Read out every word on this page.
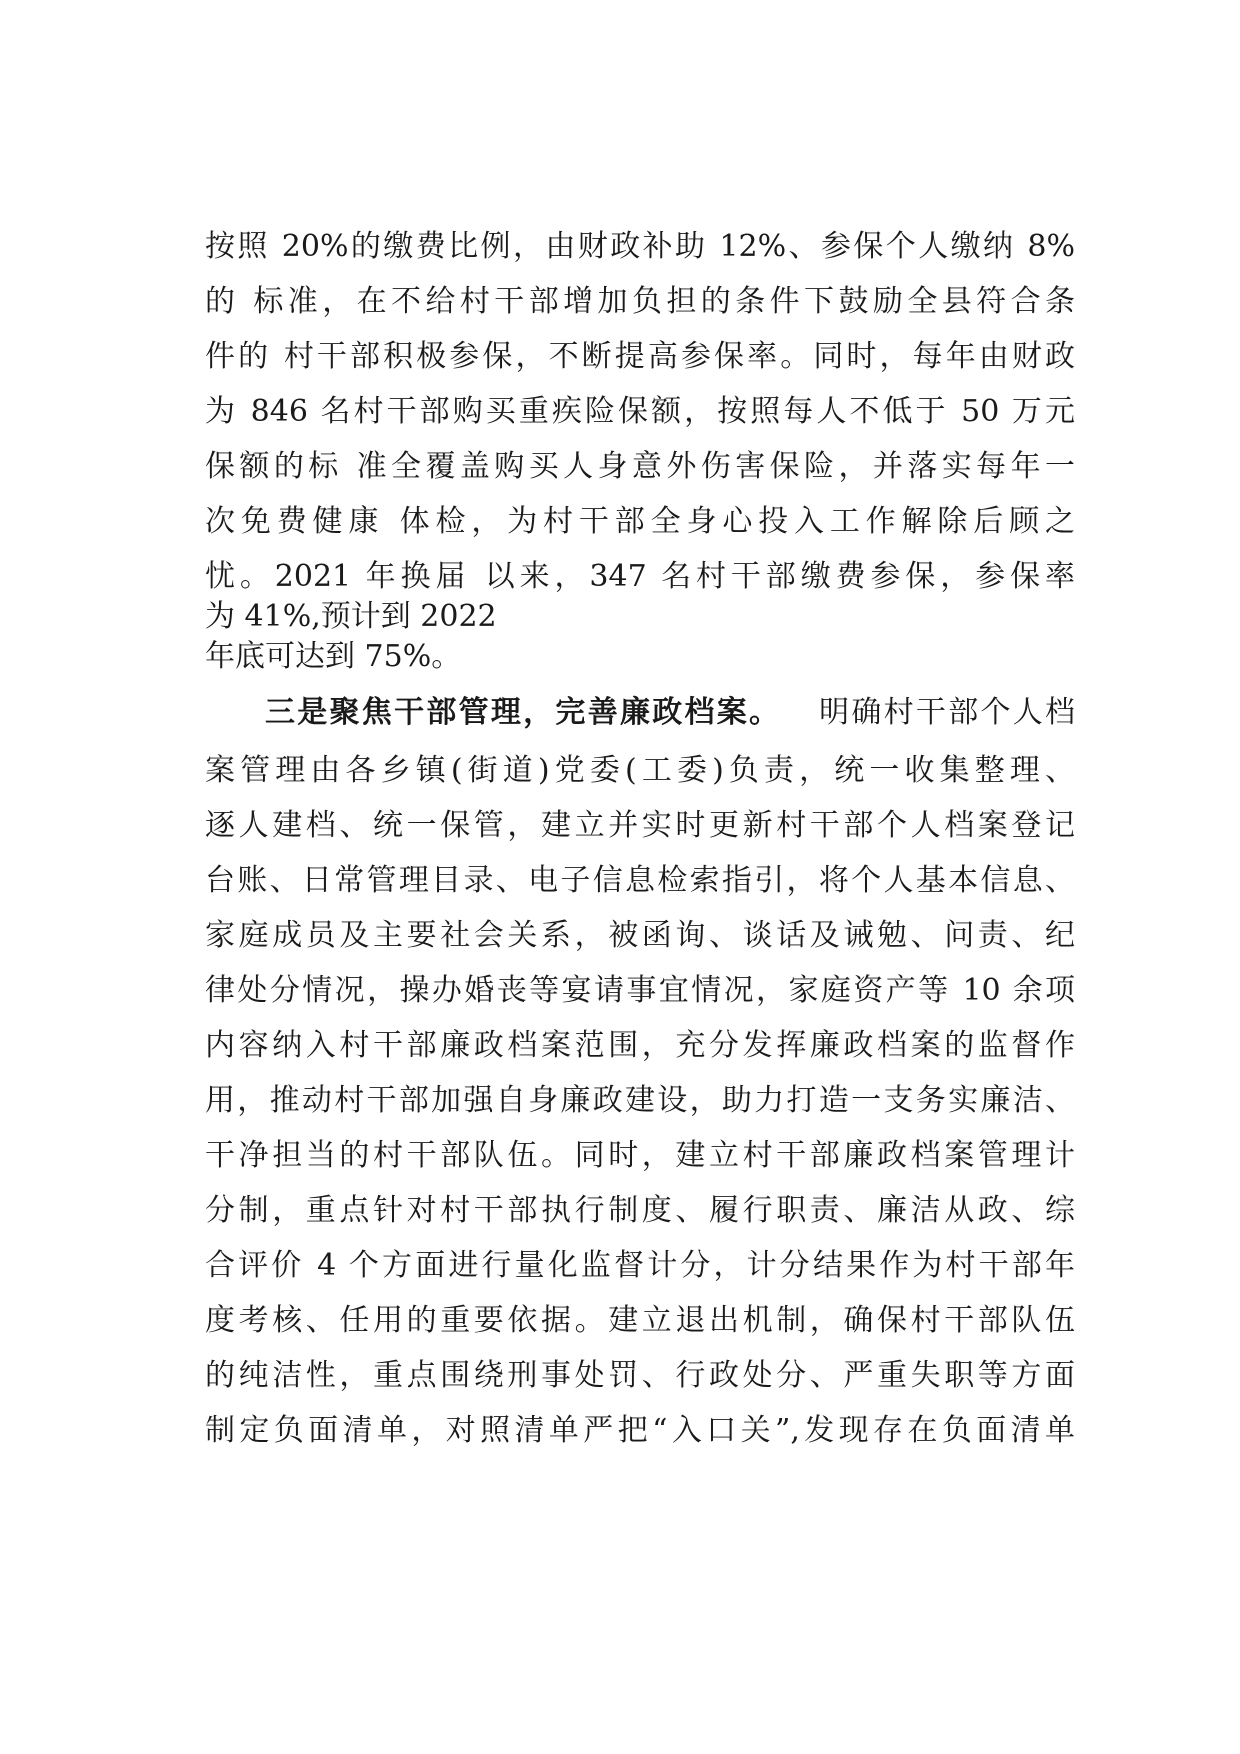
按照 20%的缴费比例，由财政补助 12%、参保个人缴纳 8%
的 标准，在不给村干部增加负担的条件下鼓励全县符合条
件的 村干部积极参保，不断提高参保率。同时，每年由财政
为 846 名村干部购买重疾险保额，按照每人不低于 50 万元
保额的标 准全覆盖购买人身意外伤害保险，并落实每年一
次免费健康 体检，为村干部全身心投入工作解除后顾之
忧。2021 年换届 以来，347 名村干部缴费参保，参保率
为 41%,预计到 2022
年底可达到 75%。
三是聚焦干部管理，完善廉政档案。 明确村干部个人档
案管理由各乡镇(街道)党委(工委)负责，统一收集整理、
逐人建档、统一保管，建立并实时更新村干部个人档案登记
台账、日常管理目录、电子信息检索指引，将个人基本信息、
家庭成员及主要社会关系，被函询、谈话及诫勉、问责、纪
律处分情况，操办婚丧等宴请事宜情况，家庭资产等 10 余项
内容纳入村干部廉政档案范围，充分发挥廉政档案的监督作
用，推动村干部加强自身廉政建设，助力打造一支务实廉洁、
干净担当的村干部队伍。同时，建立村干部廉政档案管理计
分制，重点针对村干部执行制度、履行职责、廉洁从政、综
合评价 4 个方面进行量化监督计分，计分结果作为村干部年
度考核、任用的重要依据。建立退出机制，确保村干部队伍
的纯洁性，重点围绕刑事处罚、行政处分、严重失职等方面
制定负面清单，对照清单严把“入口关”,发现存在负面清单
